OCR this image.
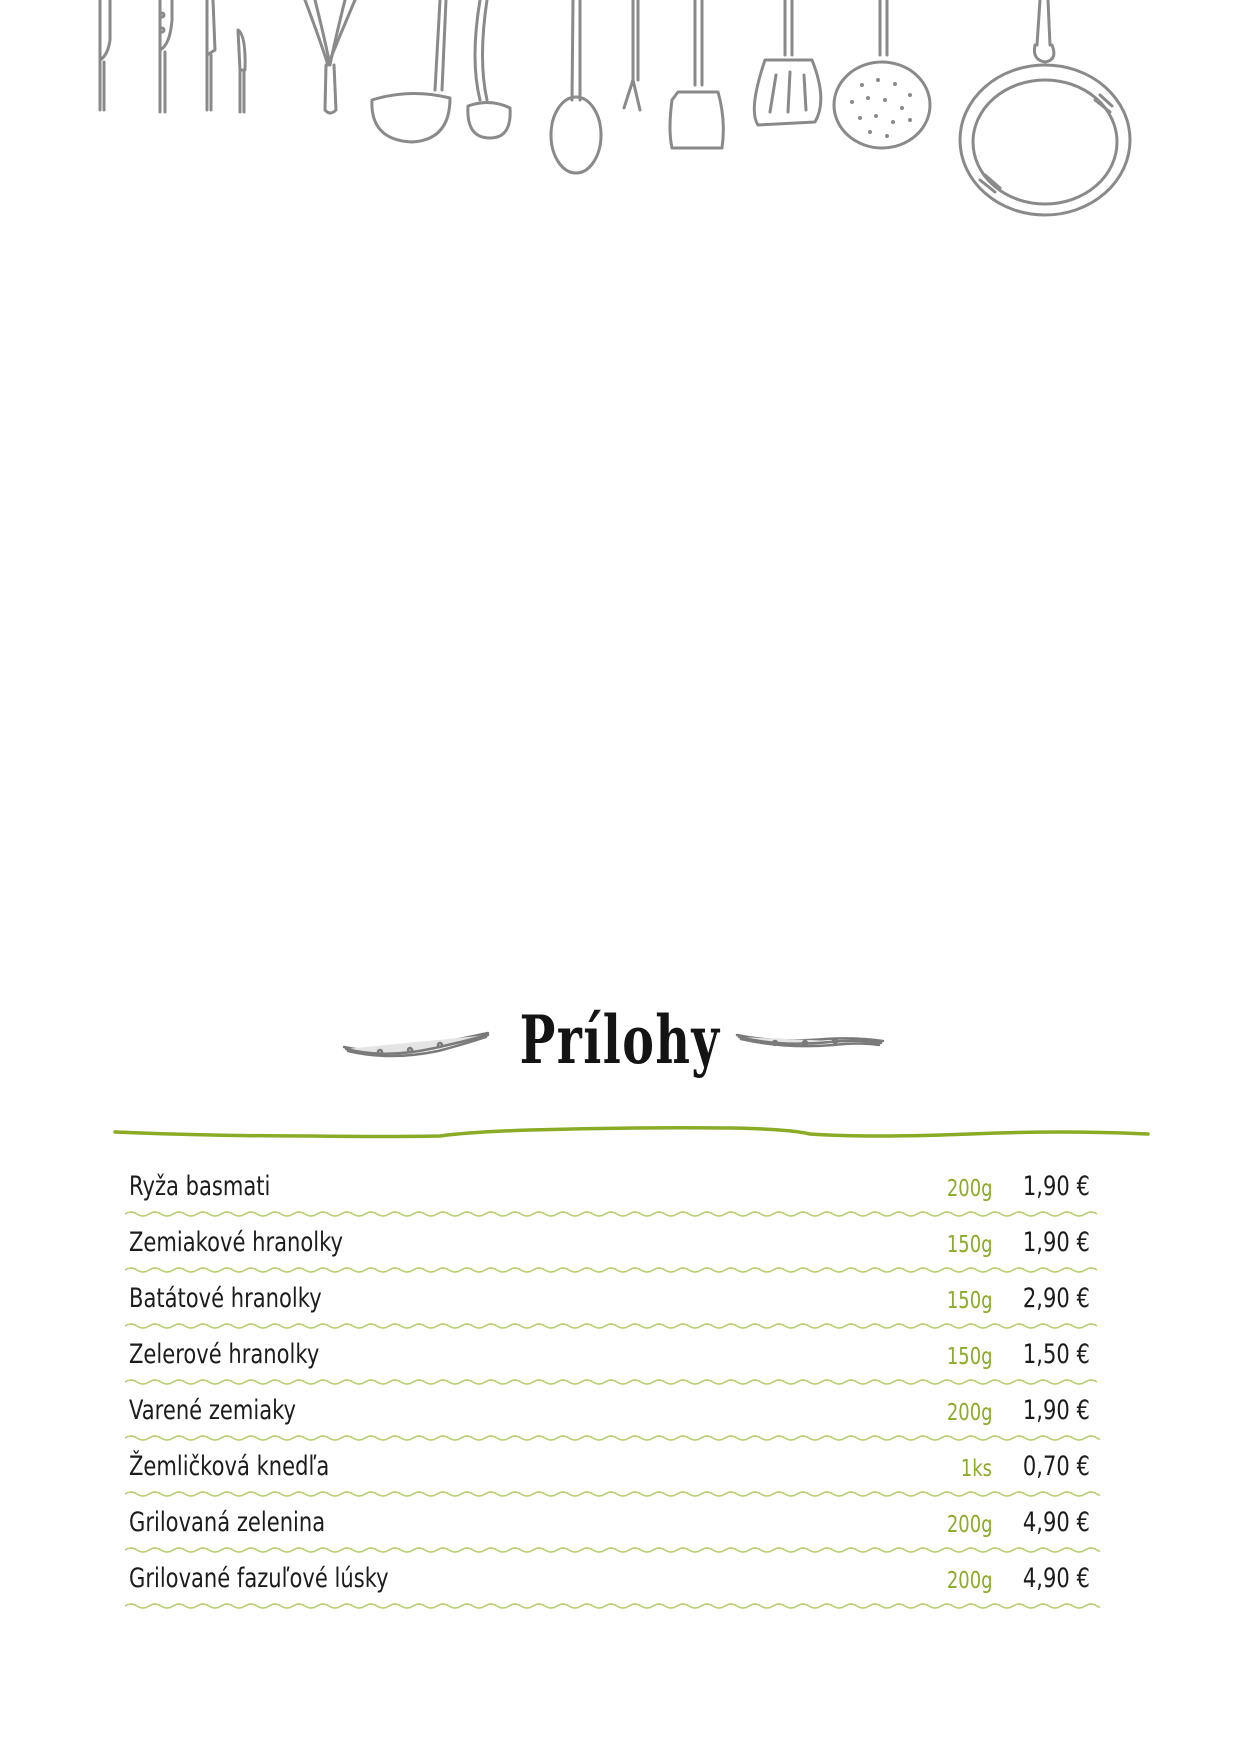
Prílohy
Ryža basmati	200g 1,90 €
Zemiakové hranolky	150g 1,90 €
Batátové hranolky	150g 2,90 €
Zelerové hranolky	150g 1,50 €
Varené zemiaky	200g 1,90 €
Žemličková knedľa	1ks 0,70 €
Grilovaná zelenina	200g 4,90 €
Grilované fazuľové lúsky	200g 4,90 €
